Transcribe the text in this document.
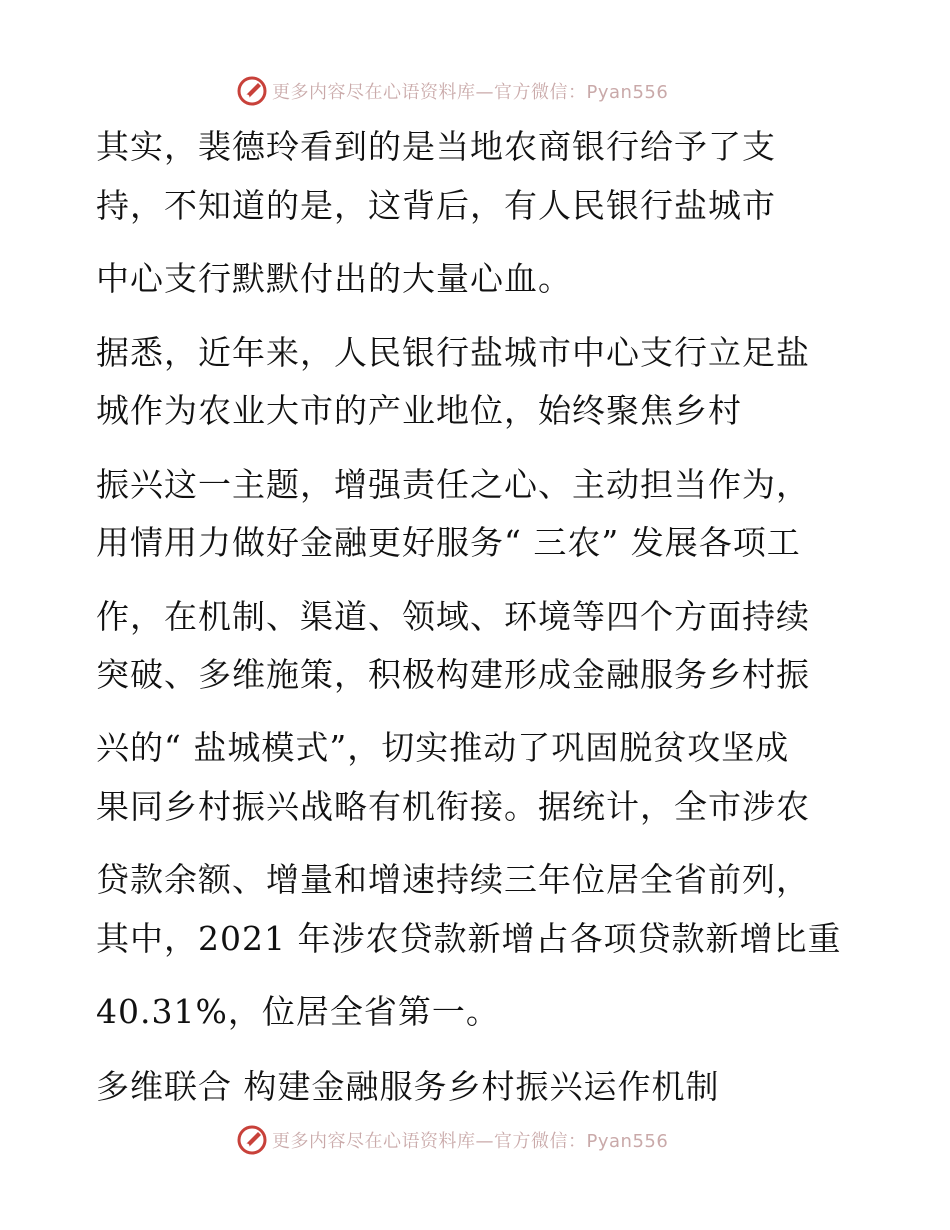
更多内容尽在心语资料库—官方微信：Pyan556
其实，裴德玲看到的是当地农商银行给予了支
持，不知道的是，这背后，有人民银行盐城市
中心支行默默付出的大量心血。
据悉，近年来，人民银行盐城市中心支行立足盐
城作为农业大市的产业地位，始终聚焦乡村
振兴这一主题，增强责任之心、主动担当作为，
用情用力做好金融更好服务“ 三农” 发展各项工
作，在机制、渠道、领域、环境等四个方面持续
突破、多维施策，积极构建形成金融服务乡村振
兴的“ 盐城模式”，切实推动了巩固脱贫攻坚成
果同乡村振兴战略有机衔接。据统计，全市涉农
贷款余额、增量和增速持续三年位居全省前列，
其中，2021 年涉农贷款新增占各项贷款新增比重
40.31%，位居全省第一。
多维联合 构建金融服务乡村振兴运作机制
更多内容尽在心语资料库—官方微信：Pyan556
